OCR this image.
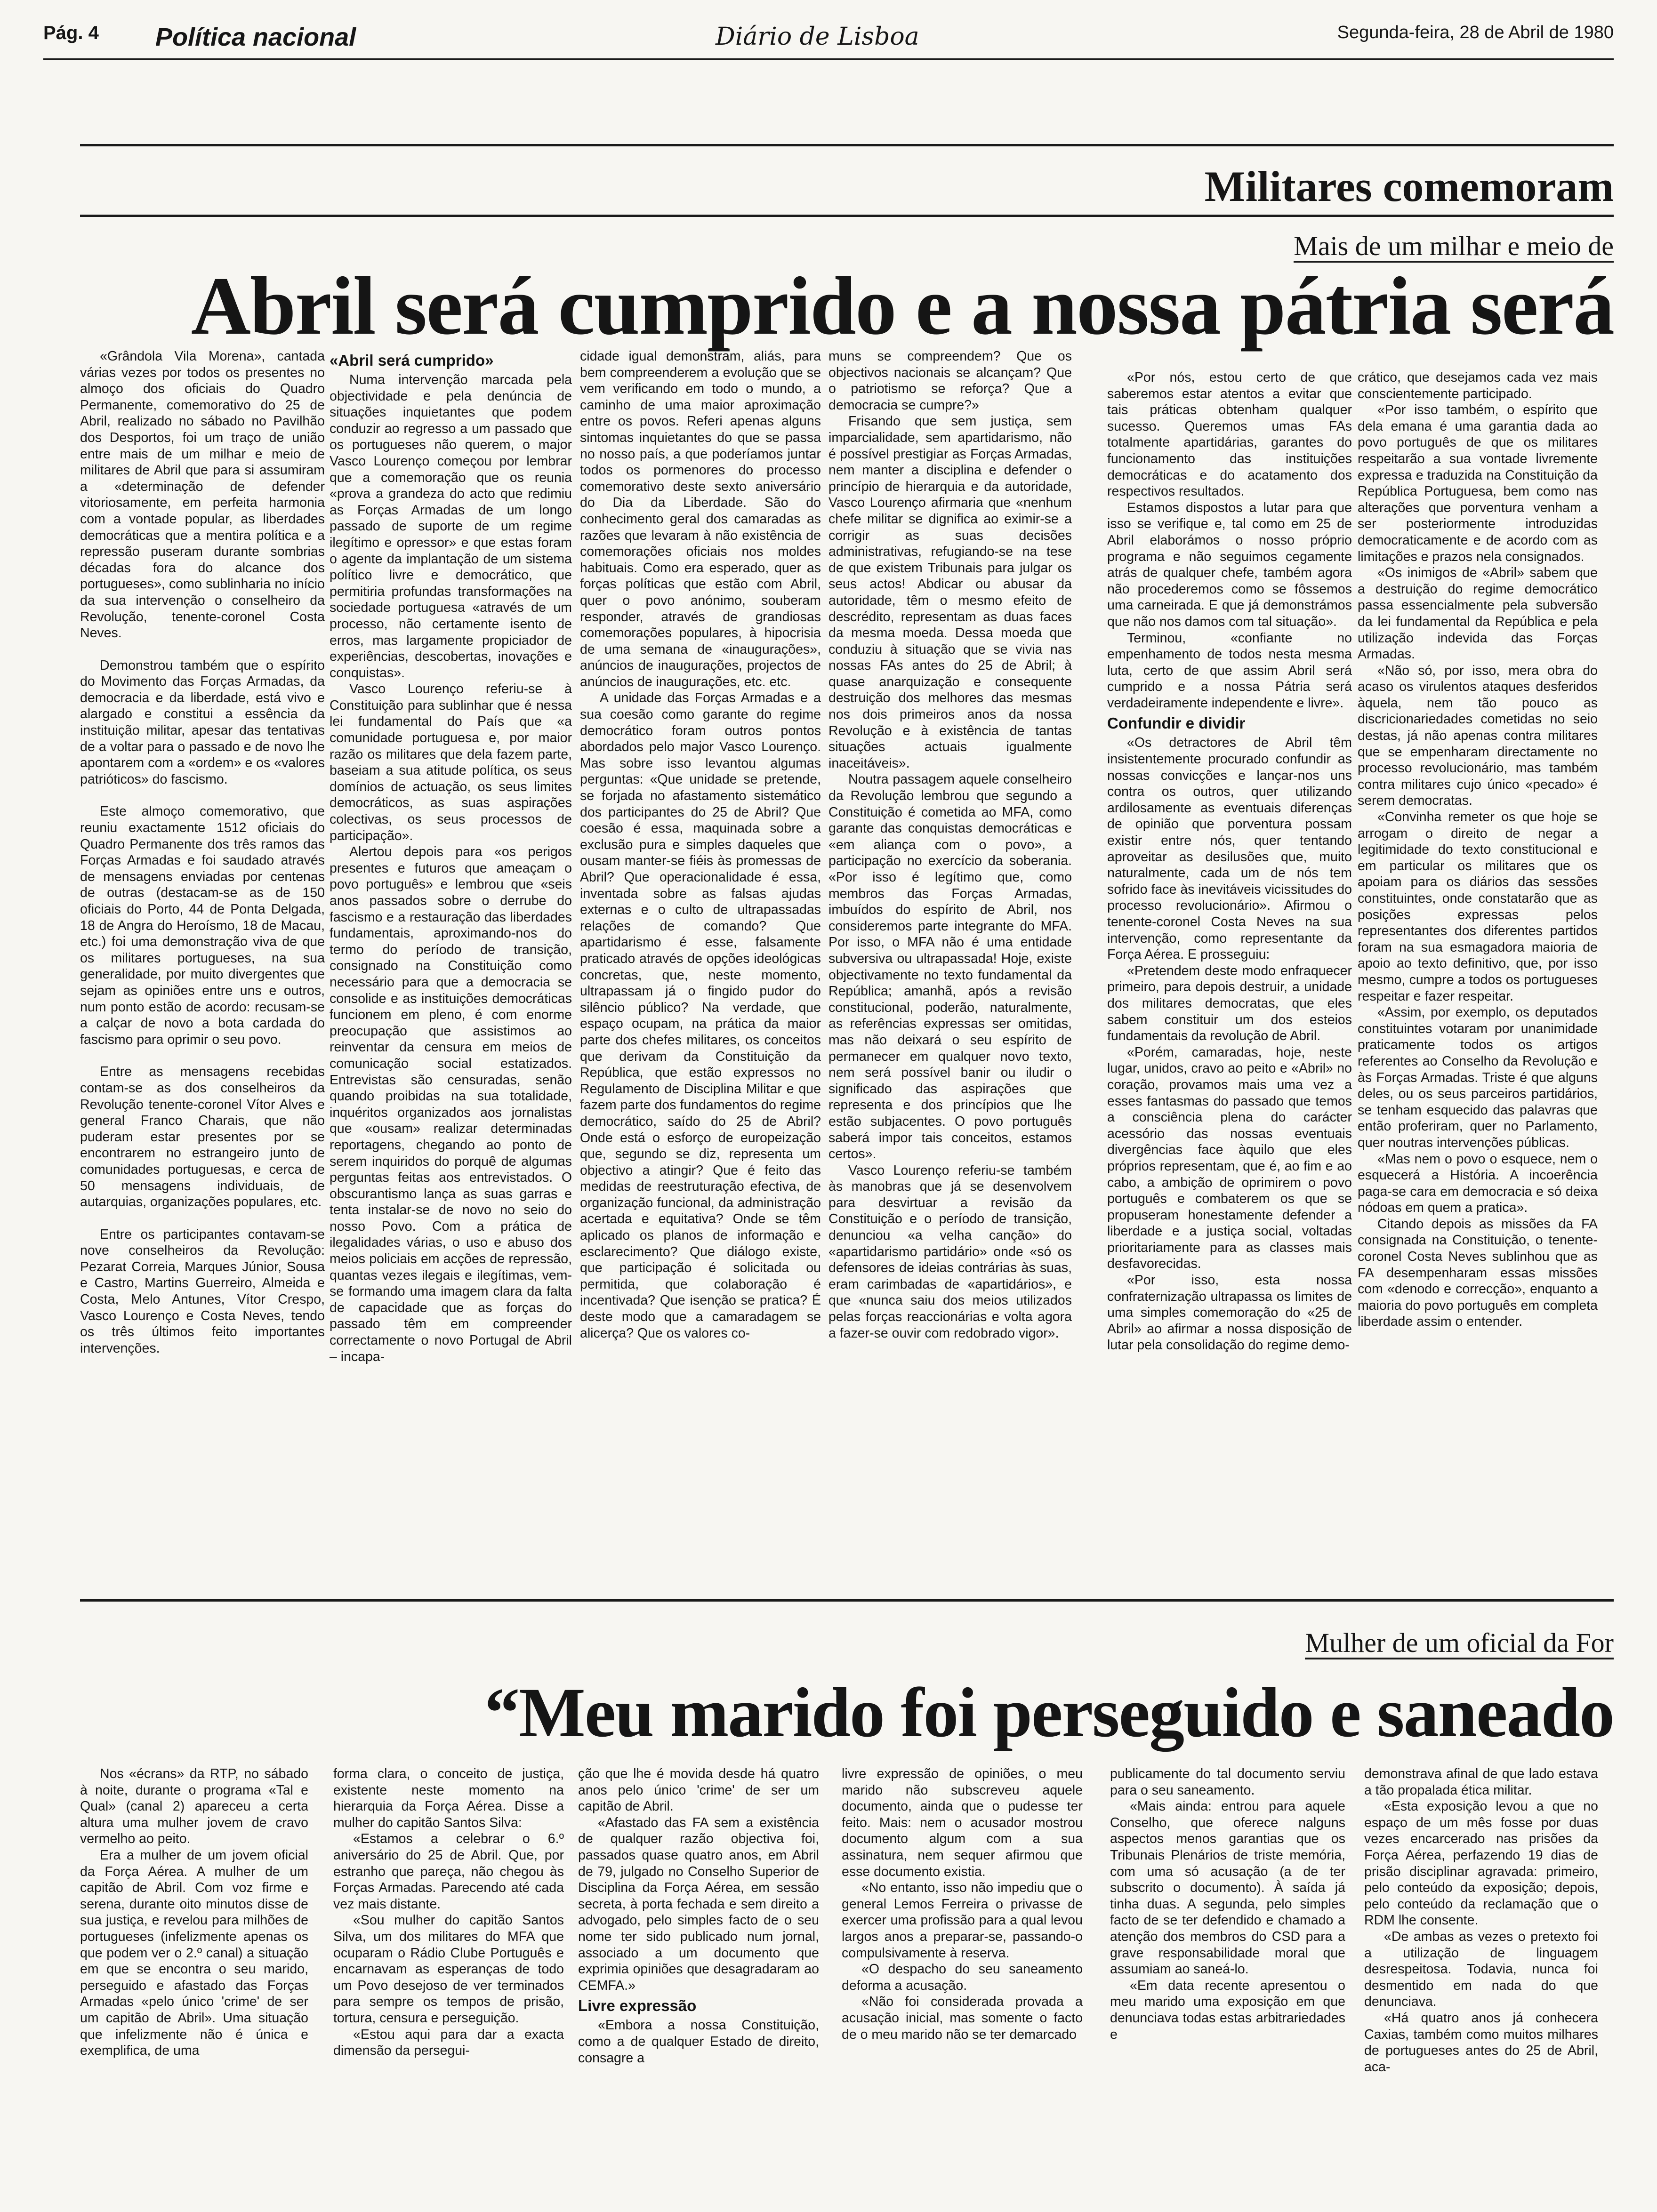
Pág. 4 Política nacional	Diário de Lisboa	Segunda-feira, 28 de Abril de 1980
Militares comemoram
Mais de um milhar e meio de
Abril será cumprido e a nossa pátria será

«Grândola Vila Morena», cantada várias vezes por todos os presentes no almoço dos oficiais do Quadro Permanente, comemorativo do 25 de Abril, realizado no sábado no Pavilhão dos Desportos, foi um traço de união entre mais de um milhar e meio de militares de Abril que para si assumiram a «determinação de defender vitoriosamente, em perfeita harmonia com a vontade popular, as liberdades democráticas que a mentira política e a repressão puseram durante sombrias décadas fora do alcance dos portugueses», como sublinharia no início da sua intervenção o conselheiro da Revolução, tenente-coronel Costa Neves.

Demonstrou também que o espírito do Movimento das Forças Armadas, da democracia e da liberdade, está vivo e alargado e constitui a essência da instituição militar, apesar das tentativas de a voltar para o passado e de novo lhe apontarem com a «ordem» e os «valores patrióticos» do fascismo.

Este almoço comemorativo, que reuniu exactamente 1512 oficiais do Quadro Permanente dos três ramos das Forças Armadas e foi saudado através de mensagens enviadas por centenas de outras (destacam-se as de 150 oficiais do Porto, 44 de Ponta Delgada, 18 de Angra do Heroísmo, 18 de Macau, etc.) foi uma demonstração viva de que os militares portugueses, na sua generalidade, por muito divergentes que sejam as opiniões entre uns e outros, num ponto estão de acordo: recusam-se a calçar de novo a bota cardada do fascismo para oprimir o seu povo.

Entre as mensagens recebidas contam-se as dos conselheiros da Revolução tenente-coronel Vítor Alves e general Franco Charais, que não puderam estar presentes por se encontrarem no estrangeiro junto de comunidades portuguesas, e cerca de 50 mensagens individuais, de autarquias, organizações populares, etc.

Entre os participantes contavam-se nove conselheiros da Revolução: Pezarat Correia, Marques Júnior, Sousa e Castro, Martins Guerreiro, Almeida e Costa, Melo Antunes, Vítor Crespo, Vasco Lourenço e Costa Neves, tendo os três últimos feito importantes intervenções.

«Abril será cumprido»

Numa intervenção marcada pela objectividade e pela denúncia de situações inquietantes que podem conduzir ao regresso a um passado que os portugueses não querem, o major Vasco Lourenço começou por lembrar que a comemoração que os reunia «prova a grandeza do acto que redimiu as Forças Armadas de um longo passado de suporte de um regime ilegítimo e opressor» e que estas foram o agente da implantação de um sistema político livre e democrático, que permitiria profundas transformações na sociedade portuguesa «através de um processo, não certamente isento de erros, mas largamente propiciador de experiências, descobertas, inovações e conquistas».

Vasco Lourenço referiu-se à Constituição para sublinhar que é nessa lei fundamental do País que «a comunidade portuguesa e, por maior razão os militares que dela fazem parte, baseiam a sua atitude política, os seus domínios de actuação, os seus limites democráticos, as suas aspirações colectivas, os seus processos de participação».

Alertou depois para «os perigos presentes e futuros que ameaçam o povo português» e lembrou que «seis anos passados sobre o derrube do fascismo e a restauração das liberdades fundamentais, aproximando-nos do termo do período de transição, consignado na Constituição como necessário para que a democracia se consolide e as instituições democráticas funcionem em pleno, é com enorme preocupação que assistimos ao reinventar da censura em meios de comunicação social estatizados. Entrevistas são censuradas, senão quando proibidas na sua totalidade, inquéritos organizados aos jornalistas que «ousam» realizar determinadas reportagens, chegando ao ponto de serem inquiridos do porquê de algumas perguntas feitas aos entrevistados. O obscurantismo lança as suas garras e tenta instalar-se de novo no seio do nosso Povo. Com a prática de ilegalidades várias, o uso e abuso dos meios policiais em acções de repressão, quantas vezes ilegais e ilegítimas, vem-se formando uma imagem clara da falta de capacidade que as forças do passado têm em compreender correctamente o novo Portugal de Abril – incapa-

cidade igual demonstram, aliás, para bem compreenderem a evolução que se vem verificando em todo o mundo, a caminho de uma maior aproximação entre os povos. Referi apenas alguns sintomas inquietantes do que se passa no nosso país, a que poderíamos juntar todos os pormenores do processo comemorativo deste sexto aniversário do Dia da Liberdade. São do conhecimento geral dos camaradas as razões que levaram à não existência de comemorações oficiais nos moldes habituais. Como era esperado, quer as forças políticas que estão com Abril, quer o povo anónimo, souberam responder, através de grandiosas comemorações populares, à hipocrisia de uma semana de «inaugurações», anúncios de inaugurações, projectos de anúncios de inaugurações, etc. etc.

A unidade das Forças Armadas e a sua coesão como garante do regime democrático foram outros pontos abordados pelo major Vasco Lourenço. Mas sobre isso levantou algumas perguntas: «Que unidade se pretende, se forjada no afastamento sistemático dos participantes do 25 de Abril? Que coesão é essa, maquinada sobre a exclusão pura e simples daqueles que ousam manter-se fiéis às promessas de Abril? Que operacionalidade é essa, inventada sobre as falsas ajudas externas e o culto de ultrapassadas relações de comando? Que apartidarismo é esse, falsamente praticado através de opções ideológicas concretas, que, neste momento, ultrapassam já o fingido pudor do silêncio público? Na verdade, que espaço ocupam, na prática da maior parte dos chefes militares, os conceitos que derivam da Constituição da República, que estão expressos no Regulamento de Disciplina Militar e que fazem parte dos fundamentos do regime democrático, saído do 25 de Abril? Onde está o esforço de europeização que, segundo se diz, representa um objectivo a atingir? Que é feito das medidas de reestruturação efectiva, de organização funcional, da administração acertada e equitativa? Onde se têm aplicado os planos de informação e esclarecimento? Que diálogo existe, que participação é solicitada ou permitida, que colaboração é incentivada? Que isenção se pratica? É deste modo que a camaradagem se alicerça? Que os valores co-

muns se compreendem? Que os objectivos nacionais se alcançam? Que o patriotismo se reforça? Que a democracia se cumpre?»

Frisando que sem justiça, sem imparcialidade, sem apartidarismo, não é possível prestigiar as Forças Armadas, nem manter a disciplina e defender o princípio de hierarquia e da autoridade, Vasco Lourenço afirmaria que «nenhum chefe militar se dignifica ao eximir-se a corrigir as suas decisões administrativas, refugiando-se na tese de que existem Tribunais para julgar os seus actos! Abdicar ou abusar da autoridade, têm o mesmo efeito de descrédito, representam as duas faces da mesma moeda. Dessa moeda que conduziu à situação que se vivia nas nossas FAs antes do 25 de Abril; à quase anarquização e consequente destruição dos melhores das mesmas nos dois primeiros anos da nossa Revolução e à existência de tantas situações actuais igualmente inaceitáveis».

Noutra passagem aquele conselheiro da Revolução lembrou que segundo a Constituição é cometida ao MFA, como garante das conquistas democráticas e «em aliança com o povo», a participação no exercício da soberania. «Por isso é legítimo que, como membros das Forças Armadas, imbuídos do espírito de Abril, nos consideremos parte integrante do MFA. Por isso, o MFA não é uma entidade subversiva ou ultrapassada! Hoje, existe objectivamente no texto fundamental da República; amanhã, após a revisão constitucional, poderão, naturalmente, as referências expressas ser omitidas, mas não deixará o seu espírito de permanecer em qualquer novo texto, nem será possível banir ou iludir o significado das aspirações que representa e dos princípios que lhe estão subjacentes. O povo português saberá impor tais conceitos, estamos certos».

Vasco Lourenço referiu-se também às manobras que já se desenvolvem para desvirtuar a revisão da Constituição e o período de transição, denunciou «a velha canção» do «apartidarismo partidário» onde «só os defensores de ideias contrárias às suas, eram carimbadas de «apartidários», e que «nunca saiu dos meios utilizados pelas forças reaccionárias e volta agora a fazer-se ouvir com redobrado vigor».

«Por nós, estou certo de que saberemos estar atentos a evitar que tais práticas obtenham qualquer sucesso. Queremos umas FAs totalmente apartidárias, garantes do funcionamento das instituições democráticas e do acatamento dos respectivos resultados.

Estamos dispostos a lutar para que isso se verifique e, tal como em 25 de Abril elaborámos o nosso próprio programa e não seguimos cegamente atrás de qualquer chefe, também agora não procederemos como se fôssemos uma carneirada. E que já demonstrámos que não nos damos com tal situação».

Terminou, «confiante no empenhamento de todos nesta mesma luta, certo de que assim Abril será cumprido e a nossa Pátria será verdadeiramente independente e livre».

Confundir e dividir

«Os detractores de Abril têm insistentemente procurado confundir as nossas convicções e lançar-nos uns contra os outros, quer utilizando ardilosamente as eventuais diferenças de opinião que porventura possam existir entre nós, quer tentando aproveitar as desilusões que, muito naturalmente, cada um de nós tem sofrido face às inevitáveis vicissitudes do processo revolucionário». Afirmou o tenente-coronel Costa Neves na sua intervenção, como representante da Força Aérea. E prosseguiu:

«Pretendem deste modo enfraquecer primeiro, para depois destruir, a unidade dos militares democratas, que eles sabem constituir um dos esteios fundamentais da revolução de Abril.

«Porém, camaradas, hoje, neste lugar, unidos, cravo ao peito e «Abril» no coração, provamos mais uma vez a esses fantasmas do passado que temos a consciência plena do carácter acessório das nossas eventuais divergências face àquilo que eles próprios representam, que é, ao fim e ao cabo, a ambição de oprimirem o povo português e combaterem os que se propuseram honestamente defender a liberdade e a justiça social, voltadas prioritariamente para as classes mais desfavorecidas.

«Por isso, esta nossa confraternização ultrapassa os limites de uma simples comemoração do «25 de Abril» ao afirmar a nossa disposição de lutar pela consolidação do regime demo-

crático, que desejamos cada vez mais conscientemente participado.

«Por isso também, o espírito que dela emana é uma garantia dada ao povo português de que os militares respeitarão a sua vontade livremente expressa e traduzida na Constituição da República Portuguesa, bem como nas alterações que porventura venham a ser posteriormente introduzidas democraticamente e de acordo com as limitações e prazos nela consignados.

«Os inimigos de «Abril» sabem que a destruição do regime democrático passa essencialmente pela subversão da lei fundamental da República e pela utilização indevida das Forças Armadas.

«Não só, por isso, mera obra do acaso os virulentos ataques desferidos àquela, nem tão pouco as discricionariedades cometidas no seio destas, já não apenas contra militares que se empenharam directamente no processo revolucionário, mas também contra militares cujo único «pecado» é serem democratas.

«Convinha remeter os que hoje se arrogam o direito de negar a legitimidade do texto constitucional e em particular os militares que os apoiam para os diários das sessões constituintes, onde constatarão que as posições expressas pelos representantes dos diferentes partidos foram na sua esmagadora maioria de apoio ao texto definitivo, que, por isso mesmo, cumpre a todos os portugueses respeitar e fazer respeitar.

«Assim, por exemplo, os deputados constituintes votaram por unanimidade praticamente todos os artigos referentes ao Conselho da Revolução e às Forças Armadas. Triste é que alguns deles, ou os seus parceiros partidários, se tenham esquecido das palavras que então proferiram, quer no Parlamento, quer noutras intervenções públicas.

«Mas nem o povo o esquece, nem o esquecerá a História. A incoerência paga-se cara em democracia e só deixa nódoas em quem a pratica».

Citando depois as missões da FA consignada na Constituição, o tenente-coronel Costa Neves sublinhou que as FA desempenharam essas missões com «denodo e correcção», enquanto a maioria do povo português em completa liberdade assim o entender.

Mulher de um oficial da For
“Meu marido foi perseguido e saneado

Nos «écrans» da RTP, no sábado à noite, durante o programa «Tal e Qual» (canal 2) apareceu a certa altura uma mulher jovem de cravo vermelho ao peito.

Era a mulher de um jovem oficial da Força Aérea. A mulher de um capitão de Abril. Com voz firme e serena, durante oito minutos disse de sua justiça, e revelou para milhões de portugueses (infelizmente apenas os que podem ver o 2.º canal) a situação em que se encontra o seu marido, perseguido e afastado das Forças Armadas «pelo único 'crime' de ser um capitão de Abril». Uma situação que infelizmente não é única e exemplifica, de uma

forma clara, o conceito de justiça, existente neste momento na hierarquia da Força Aérea. Disse a mulher do capitão Santos Silva:

«Estamos a celebrar o 6.º aniversário do 25 de Abril. Que, por estranho que pareça, não chegou às Forças Armadas. Parecendo até cada vez mais distante.

«Sou mulher do capitão Santos Silva, um dos militares do MFA que ocuparam o Rádio Clube Português e encarnavam as esperanças de todo um Povo desejoso de ver terminados para sempre os tempos de prisão, tortura, censura e perseguição.

«Estou aqui para dar a exacta dimensão da persegui-

ção que lhe é movida desde há quatro anos pelo único 'crime' de ser um capitão de Abril.

«Afastado das FA sem a existência de qualquer razão objectiva foi, passados quase quatro anos, em Abril de 79, julgado no Conselho Superior de Disciplina da Força Aérea, em sessão secreta, à porta fechada e sem direito a advogado, pelo simples facto de o seu nome ter sido publicado num jornal, associado a um documento que exprimia opiniões que desagradaram ao CEMFA.»

Livre expressão

«Embora a nossa Constituição, como a de qualquer Estado de direito, consagre a

livre expressão de opiniões, o meu marido não subscreveu aquele documento, ainda que o pudesse ter feito. Mais: nem o acusador mostrou documento algum com a sua assinatura, nem sequer afirmou que esse documento existia.

«No entanto, isso não impediu que o general Lemos Ferreira o privasse de exercer uma profissão para a qual levou largos anos a preparar-se, passando-o compulsivamente à reserva.

«O despacho do seu saneamento deforma a acusação.

«Não foi considerada provada a acusação inicial, mas somente o facto de o meu marido não se ter demarcado

publicamente do tal documento serviu para o seu saneamento.

«Mais ainda: entrou para aquele Conselho, que oferece nalguns aspectos menos garantias que os Tribunais Plenários de triste memória, com uma só acusação (a de ter subscrito o documento). À saída já tinha duas. A segunda, pelo simples facto de se ter defendido e chamado a atenção dos membros do CSD para a grave responsabilidade moral que assumiam ao saneá-lo.

«Em data recente apresentou o meu marido uma exposição em que denunciava todas estas arbitrariedades e

demonstrava afinal de que lado estava a tão propalada ética militar.

«Esta exposição levou a que no espaço de um mês fosse por duas vezes encarcerado nas prisões da Força Aérea, perfazendo 19 dias de prisão disciplinar agravada: primeiro, pelo conteúdo da exposição; depois, pelo conteúdo da reclamação que o RDM lhe consente.

«De ambas as vezes o pretexto foi a utilização de linguagem desrespeitosa. Todavia, nunca foi desmentido em nada do que denunciava.

«Há quatro anos já conhecera Caxias, também como muitos milhares de portugueses antes do 25 de Abril, aca-
